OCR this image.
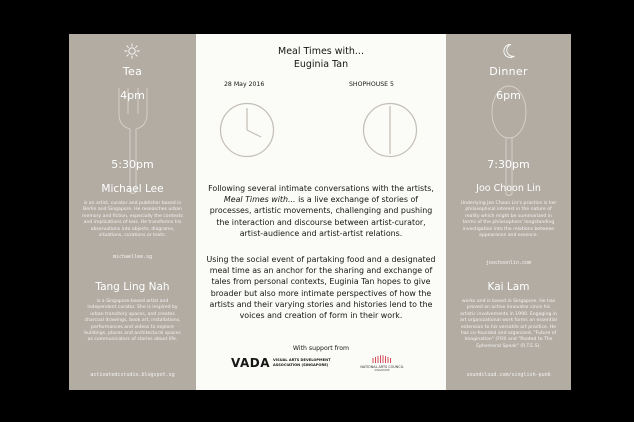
Tea
4pm
5:30pm
Michael Lee
is an artist, curator and publisher based in Berlin and Singapore. He researches urban memory and fiction, especially the contexts and implications of loss. He transforms his observations into objects, diagrams, situations, curations or texts.
michaellee.sg
Tang Ling Nah
is a Singapore-based artist and independent curator. She is inspired by urban transitory spaces, and creates charcoal drawings, book art, installations, performances and videos to explore buildings, places and architectural spaces as communicators of stories about life.
activatedcstudio.blogspot.sg
Meal Times with...
Euginia Tan
28 May 2016	SHOPHOUSE 5
Following several intimate conversations with the artists, Meal Times with... is a live exchange of stories of processes, artistic movements, challenging and pushing the interaction and discourse between artist-curator, artist-audience and artist-artist relations.
Using the social event of partaking food and a designated meal time as an anchor for the sharing and exchange of tales from personal contexts, Euginia Tan hopes to give broader but also more intimate perspectives of how the artists and their varying stories and histories lend to the voices and creation of form in their work.
With support from
VADA VISUAL ARTS DEVELOPMENT ASSOCIATION (SINGAPORE)	NATIONAL ARTS COUNCIL
SINGAPORE
Dinner
6pm
7:30pm
Joo Choon Lin
Underlying Joo Choon Lin's practice is her philosophical interest in the nature of reality which might be summarized in terms of the philosophers' longstanding investigation into the relations between appearance and essence.
joochoonlin.com
Kai Lam
works and is based in Singapore. He has proved an active innovator since his artistic involvements in 1990. Engaging in art organizational work forms an essential extension to his versatile art practice. He has co-founded and organized, "Future of Imagination" (FOI) and "Rooted to The Ephemeral Speak" (R.T.E.S).
soundcloud.com/singlish-punk
